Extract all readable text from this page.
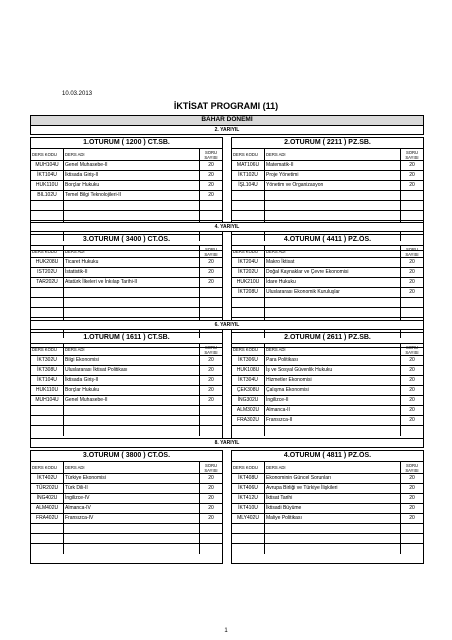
10.03.2013
İKTİSAT PROGRAMI (11)
BAHAR DÖNEMİ
2. YARIYIL
1.OTURUM ( 1200 ) CT.SB.
DERS KODU	DERS ADI	SORU
SAYISI
MUH104U	Genel Muhasebe-II	20
İKT104U	İktisada Giriş-II	20
HUK110U	Borçlar Hukuku	20
BIL102U	Temel Bilgi Teknolojileri-II	20
2.OTURUM ( 2211 ) PZ.SB.
DERS KODU	DERS ADI	SORU
SAYISI
MAT106U	Matematik-II	20
İKT102U	Proje Yönetimi	20
İŞL104U	Yönetim ve Organizasyon	20
4. YARIYIL
3.OTURUM ( 3400 ) CT.ÖS.
DERS KODU	DERS ADI	SORU
SAYISI
HUK208U	Ticaret Hukuku	20
IST202U	İstatistik-II	20
TAR202U	Atatürk İlkeleri ve İnkılap Tarihi-II	20
4.OTURUM ( 4411 ) PZ.ÖS.
DERS KODU	DERS ADI	SORU
SAYISI
İKT204U	Makro İktisat	20
İKT202U	Doğal Kaynaklar ve Çevre Ekonomisi	20
HUK210U	İdare Hukuku	20
İKT208U	Uluslararası Ekonomik Kuruluşlar	20
6. YARIYIL
1.OTURUM ( 1611 ) CT.SB.
DERS KODU	DERS ADI	SORU
SAYISI
İKT302U	Bilgi Ekonomisi	20
İKT308U	Uluslararası İktisat Politikası	20
İKT104U	İktisada Giriş-II	20
HUK110U	Borçlar Hukuku	20
MUH104U	Genel Muhasebe-II	20
2.OTURUM ( 2611 ) PZ.SB.
DERS KODU	DERS ADI	SORU
SAYISI
İKT306U	Para Politikası	20
HUK108U	İş ve Sosyal Güvenlik Hukuku	20
İKT304U	Hizmetler Ekonomisi	20
ÇEK308U	Çalışma Ekonomisi	20
İNG302U	İngilizce-II	20
ALM302U	Almanca-II	20
FRA302U	Fransızca-II	20
8. YARIYIL
3.OTURUM ( 3800 ) CT.ÖS.
DERS KODU	DERS ADI	SORU
SAYISI
İKT402U	Türkiye Ekonomisi	20
TÜR202U	Türk Dili-II	20
İNG402U	İngilizce-IV	20
ALM402U	Almanca-IV	20
FRA402U	Fransızca-IV	20
4.OTURUM ( 4811 ) PZ.ÖS.
DERS KODU	DERS ADI	SORU
SAYISI
İKT408U	Ekonominin Güncel Sorunları	20
İKT406U	Avrupa Birliği ve Türkiye İlişkileri	20
İKT412U	İktisat Tarihi	20
İKT410U	İktisadi Büyüme	20
MLY402U	Maliye Politikası	20
1
